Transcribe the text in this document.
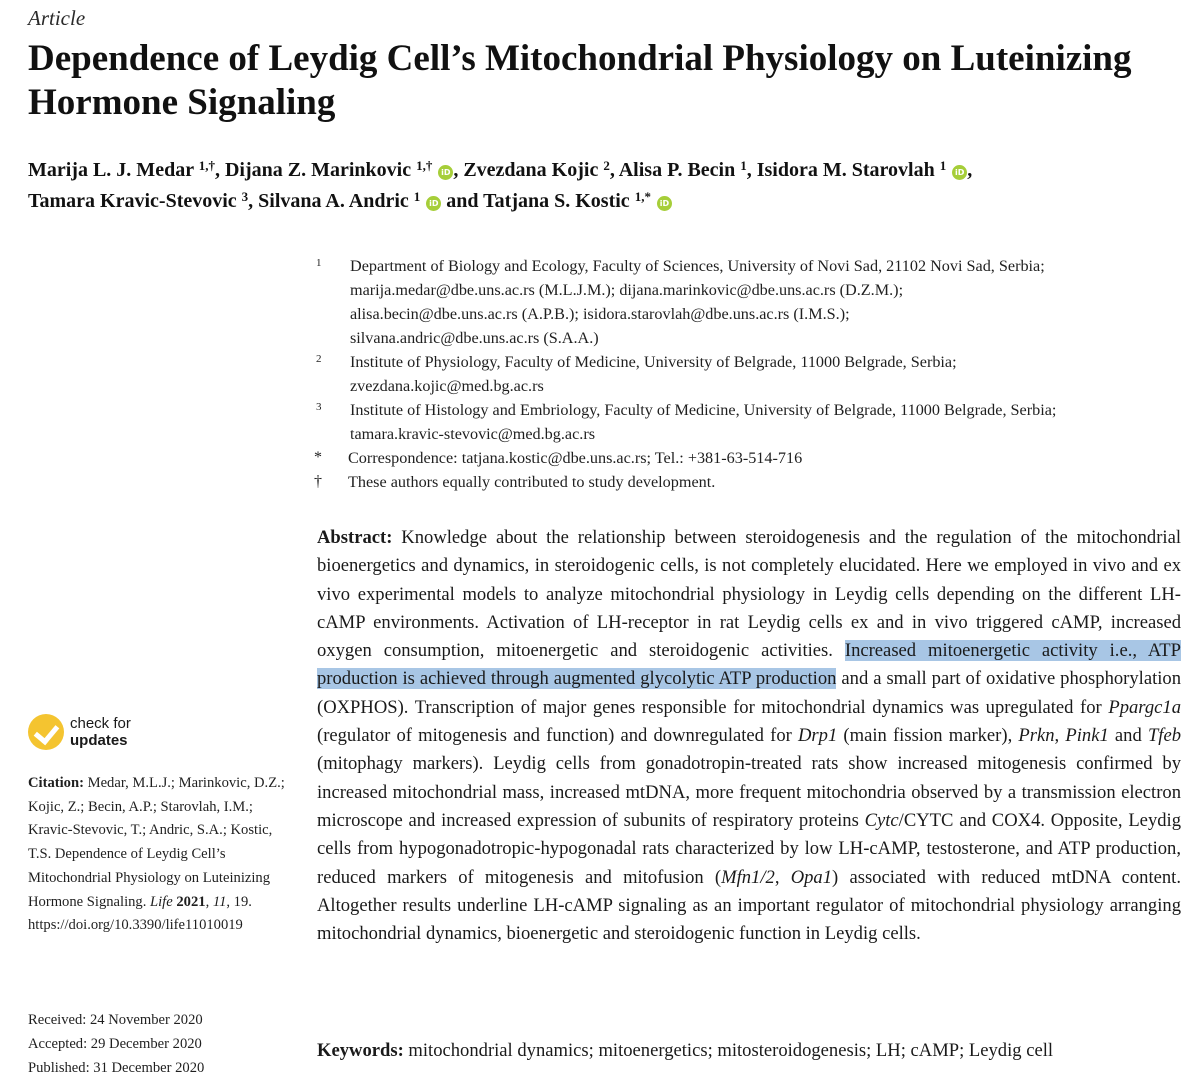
Article
Dependence of Leydig Cell’s Mitochondrial Physiology on Luteinizing Hormone Signaling
Marija L. J. Medar $^{1,\dagger}$, Dijana Z. Marinkovic $^{1,\dagger}$ iD , Zvezdana Kojic $^2$, Alisa P. Becin $^1$, Isidora M. Starovlah $^1$ iD ,
Tamara Kravic-Stevovic $^3$, Silvana A. Andric $^1$ iD and Tatjana S. Kostic $^{1,*}$ iD
1	Department of Biology and Ecology, Faculty of Sciences, University of Novi Sad, 21102 Novi Sad, Serbia;
marija.medar@dbe.uns.ac.rs (M.L.J.M.); dijana.marinkovic@dbe.uns.ac.rs (D.Z.M.);
alisa.becin@dbe.uns.ac.rs (A.P.B.); isidora.starovlah@dbe.uns.ac.rs (I.M.S.);
silvana.andric@dbe.uns.ac.rs (S.A.A.)
2	Institute of Physiology, Faculty of Medicine, University of Belgrade, 11000 Belgrade, Serbia;
zvezdana.kojic@med.bg.ac.rs
3	Institute of Histology and Embriology, Faculty of Medicine, University of Belgrade, 11000 Belgrade, Serbia;
tamara.kravic-stevovic@med.bg.ac.rs
*	Correspondence: tatjana.kostic@dbe.uns.ac.rs; Tel.: +381-63-514-716
†	These authors equally contributed to study development.
Abstract: Knowledge about the relationship between steroidogenesis and the regulation of the mitochondrial bioenergetics and dynamics, in steroidogenic cells, is not completely elucidated. Here we employed in vivo and ex vivo experimental models to analyze mitochondrial physiology in Leydig cells depending on the different LH-cAMP environments. Activation of LH-receptor in rat Leydig cells ex and in vivo triggered cAMP, increased oxygen consumption, mitoenergetic and steroidogenic activities. Increased mitoenergetic activity i.e., ATP production is achieved through augmented glycolytic ATP production and a small part of oxidative phosphorylation (OXPHOS). Transcription of major genes responsible for mitochondrial dynamics was upregulated for Ppargc1a (regulator of mitogenesis and function) and downregulated for Drp1 (main fission marker), Prkn, Pink1 and Tfeb (mitophagy markers). Leydig cells from gonadotropin-treated rats show increased mitogenesis confirmed by increased mitochondrial mass, increased mtDNA, more frequent mitochondria observed by a transmission electron microscope and increased expression of subunits of respiratory proteins Cytc/CYTC and COX4. Opposite, Leydig cells from hypogonadotropic-hypogonadal rats characterized by low LH-cAMP, testosterone, and ATP production, reduced markers of mitogenesis and mitofusion (Mfn1/2, Opa1) associated with reduced mtDNA content. Altogether results underline LH-cAMP signaling as an important regulator of mitochondrial physiology arranging mitochondrial dynamics, bioenergetic and steroidogenic function in Leydig cells.
Keywords: mitochondrial dynamics; mitoenergetics; mitosteroidogenesis; LH; cAMP; Leydig cell
check for
updates
Citation: Medar, M.L.J.; Marinkovic, D.Z.; Kojic, Z.; Becin, A.P.; Starovlah, I.M.; Kravic-Stevovic, T.; Andric, S.A.; Kostic, T.S. Dependence of Leydig Cell’s Mitochondrial Physiology on Luteinizing Hormone Signaling. Life 2021, 11, 19.  https://doi.org/10.3390/life11010019
Received: 24 November 2020
Accepted: 29 December 2020
Published: 31 December 2020
